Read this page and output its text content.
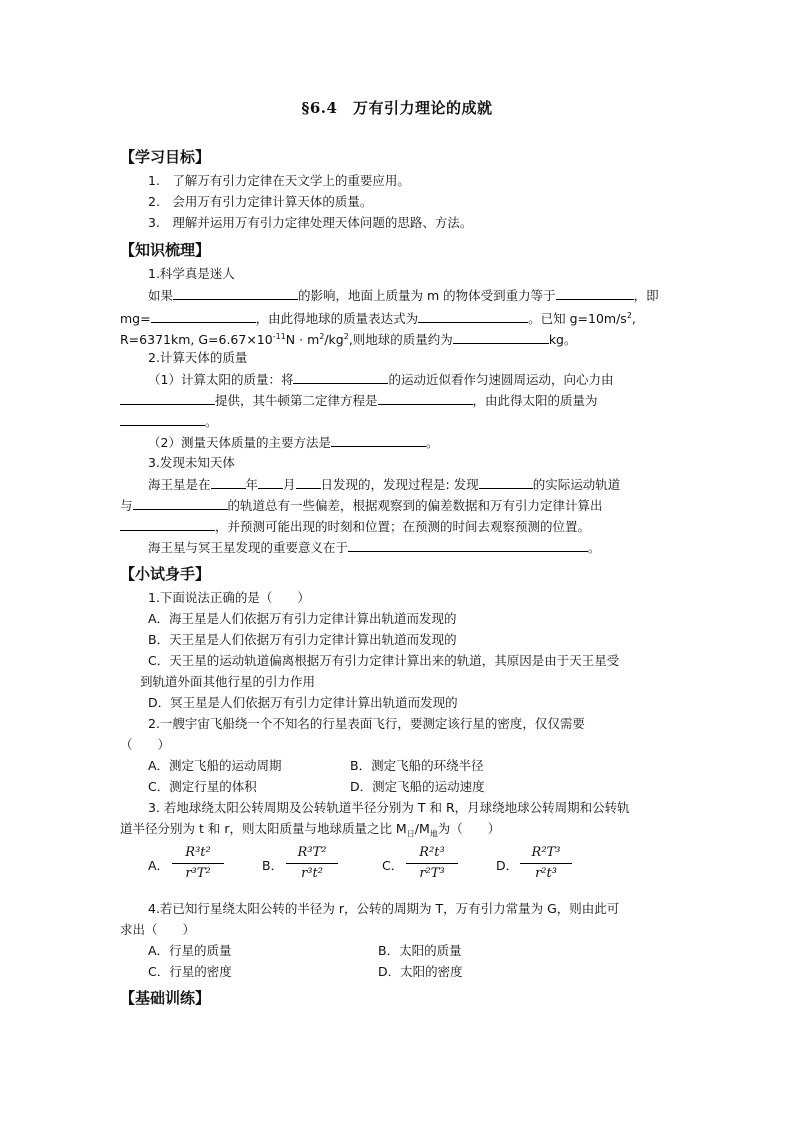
§6.4　万有引力理论的成就
【学习目标】
1.　了解万有引力定律在天文学上的重要应用。
2.　会用万有引力定律计算天体的质量。
3.　理解并运用万有引力定律处理天体问题的思路、方法。
【知识梳理】
1.科学真是迷人
如果	的影响，地面上质量为 m 的物体受到重力等于	，即
mg=	，由此得地球的质量表达式为	。已知 $g=10m/s^2$,
R=6371km, $G=6.67\times 10^{-11}N \cdot m^2/kg^2$,则地球的质量约为	kg。
2.计算天体的质量
（1）计算太阳的质量：将	的运动近似看作匀速圆周运动，向心力由
提供，其牛顿第二定律方程是	，由此得太阳的质量为
。
（2）测量天体质量的主要方法是	。
3.发现未知天体
海王星是在	年 月 日发现的，发现过程是: 发现	的实际运动轨道
与	的轨道总有一些偏差，根据观察到的偏差数据和万有引力定律计算出
，并预测可能出现的时刻和位置；在预测的时间去观察预测的位置。
海王星与冥王星发现的重要意义在于	。
【小试身手】
1.下面说法正确的是（　　）
A．海王星是人们依据万有引力定律计算出轨道而发现的
B．天王星是人们依据万有引力定律计算出轨道而发现的
C．天王星的运动轨道偏离根据万有引力定律计算出来的轨道，其原因是由于天王星受
到轨道外面其他行星的引力作用
D．冥王星是人们依据万有引力定律计算出轨道而发现的
2.一艘宇宙飞船绕一个不知名的行星表面飞行，要测定该行星的密度，仅仅需要
（　　）
A．测定飞船的运动周期	B．测定飞船的环绕半径
C．测定行星的体积	D．测定飞船的运动速度
3. 若地球绕太阳公转周期及公转轨道半径分别为 T 和 R，月球绕地球公转周期和公转轨
道半径分别为 t 和 r，则太阳质量与地球质量之比 $M_日/M_地$为（　　）
A．
R³t²
r³T²
B．
R³T²
r³t²
C．
R²t³
r²T³
D．
R²T³
r²t³
4.若已知行星绕太阳公转的半径为 r，公转的周期为 T，万有引力常量为 G，则由此可
求出（　　）
A．行星的质量	B．太阳的质量
C．行星的密度	D．太阳的密度
【基础训练】
